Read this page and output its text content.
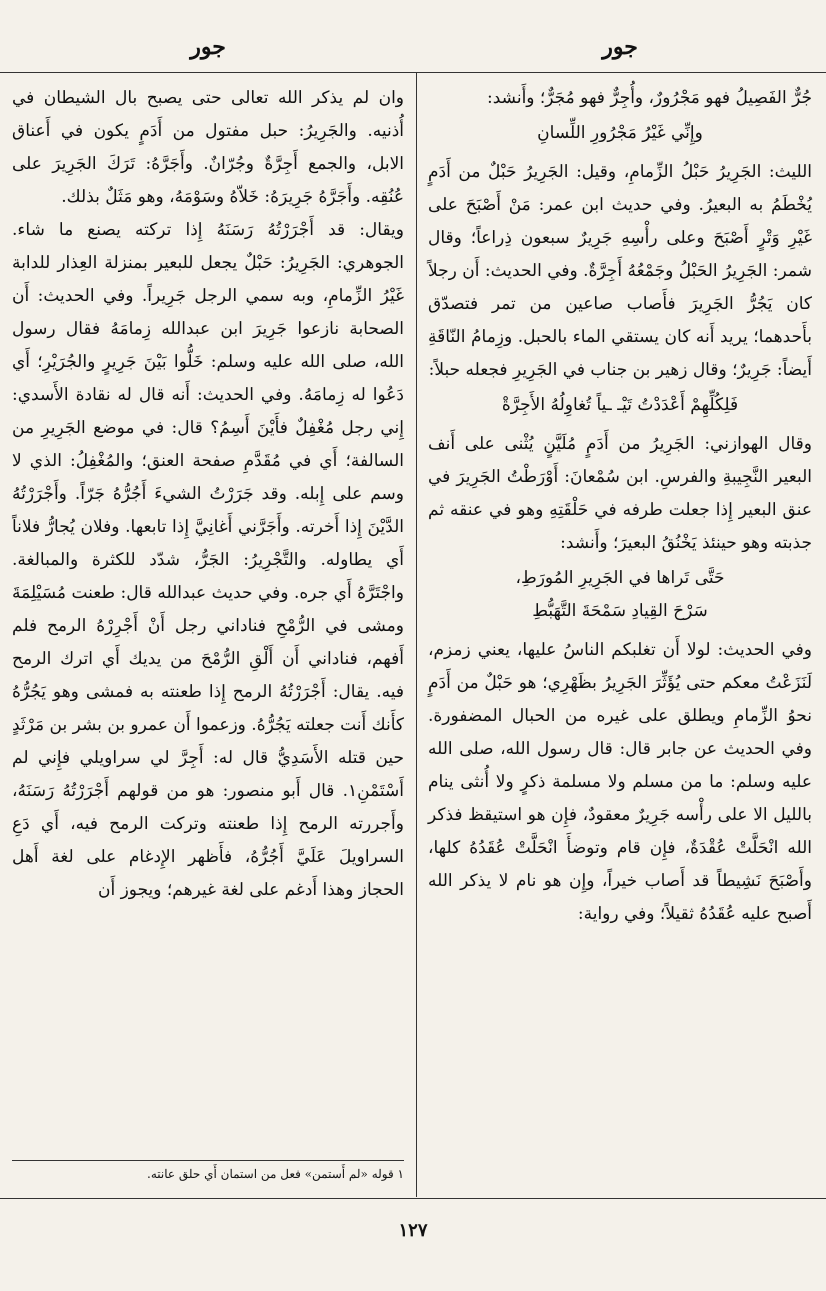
جور	جور

جُرٌّ الفَصِيلُ فهو مَجْرُورٌ، وأُجِرٌّ فهو مُجَرٌّ؛ وأَنشد:

وإِنِّي غَيْرُ مَجْرُورِ اللِّسانِ

الليث: الجَرِيرُ حَبْلُ الزِّمامِ، وقيل: الجَرِيرُ حَبْلٌ من أَدَمٍ يُخْطَمُ به البعيرُ. وفي حديث ابن عمر: مَنْ أَصْبَحَ على غَيْرِ وَتْرٍ أَصْبَحَ وعلى رأْسِهِ جَرِيرٌ سبعون ذِراعاً؛ وقال شمر: الجَرِيرُ الحَبْلُ وجَمْعُهُ أَجِرَّةٌ. وفي الحديث: أَن رجلاً كان يَجُرُّ الجَرِيرَ فأَصاب صاعين من تمر فتصدّق بأَحدهما؛ يريد أَنه كان يستقي الماء بالحبل. وزِمامُ النّاقَةِ أَيضاً: جَرِيرٌ؛ وقال زهير بن جناب في الجَرِيرِ فجعله حبلاً:

فَلِكُلِّهِمْ أَعْدَدْتُ تَيْـ ـياً تُغاوِلُهُ الأَجِرَّةْ

وقال الهوازني: الجَرِيرُ من أَدَمٍ مُلَيَّنٍ يُثْنى على أَنف البعير النَّجِيبةِ والفرسِ. ابن سُمْعانَ: أَوْرَطْتُ الجَرِيرَ في عنق البعير إِذا جعلت طرفه في حَلْقَتِهِ وهو في عنقه ثم جذبته وهو حينئذ يَخْنُقُ البعيرَ؛ وأَنشد:

حَتَّى تَراها في الجَرِيرِ المُورَطِ،
سَرْحَ القِيادِ سَمْحَةَ التَّهَبُّطِ

وفي الحديث: لولا أَن تغلبكم الناسُ عليها، يعني زمزم، لَنَزَعْتُ معكم حتى يُؤَثِّرَ الجَرِيرُ بظَهْرِي؛ هو حَبْلٌ من أَدَمٍ نحوُ الزِّمامِ ويطلق على غيره من الحبال المضفورة. وفي الحديث عن جابر قال: قال رسول الله، صلى الله عليه وسلم: ما من مسلم ولا مسلمة ذكرٍ ولا أُنثى ينام بالليل الا على رأْسه جَرِيرٌ معقودٌ، فإِن هو استيقظ فذكر الله انْحَلَّتْ عُقْدَةٌ، فإِن قام وتوضأَ انْحَلَّتْ عُقَدُهُ كلها، وأَصْبَحَ نَشِيطاً قد أَصاب خيراً، وإِن هو نام لا يذكر الله أَصبح عليه عُقَدُهُ ثقيلاً؛ وفي رواية:

وان لم يذكر الله تعالى حتى يصبح بال الشيطان في أُذنيه. والجَرِيرُ: حبل مفتول من أَدَمٍ يكون في أَعناق الابل، والجمع أَجِرَّةٌ وجُرّانٌ. وأَجَرَّهُ: تَرَكَ الجَرِيرَ على عُنُقِه. وأَجَرَّهُ جَرِيرَهُ: خَلاّهُ وسَوْمَهُ، وهو مَثَلٌ بذلك.

ويقال: قد أَجْرَرْتُهُ رَسَنَهُ إِذا تركته يصنع ما شاء. الجوهري: الجَرِيرُ: حَبْلٌ يجعل للبعير بمنزلة العِذار للدابة غَيْرُ الزِّمامِ، وبه سمي الرجل جَرِيراً. وفي الحديث: أَن الصحابة نازعوا جَرِيرَ ابن عبدالله زِمامَهُ فقال رسول الله، صلى الله عليه وسلم: خَلُّوا بَيْنَ جَرِيرٍ والجُرَيْرِ؛ أَي دَعُوا له زِمامَهُ. وفي الحديث: أَنه قال له نقادة الأَسدي: إِني رجل مُغْفِلٌ فأَيْنَ أَسِمُ؟ قال: في موضع الجَرِيرِ من السالفة؛ أَي في مُقَدَّمِ صفحة العنق؛ والمُغْفِلُ: الذي لا وسم على إِبله. وقد جَرَرْتُ الشيءَ أَجُرُّهُ جَرّاً. وأَجْرَرْتُهُ الدَّيْنَ إِذا أَخرته. وأَجَرَّني أَغانِيَّ إِذا تابعها. وفلان يُجارُّ فلاناً أَي يطاوله. والتَّجْرِيرُ: الجَرُّ، شدّد للكثرة والمبالغة. واجْتَرَّهُ أَي جره. وفي حديث عبدالله قال: طعنت مُسَيْلِمَةَ ومشى في الرُّمْحِ فناداني رجل أَنْ أَجْرِرْهُ الرمح فلم أَفهم، فناداني أَن أَلْقِ الرُّمْحَ من يديك أَي اترك الرمح فيه. يقال: أَجْرَرْتُهُ الرمح إِذا طعنته به فمشى وهو يَجُرُّهُ كأَنك أَنت جعلته يَجُرُّهُ. وزعموا أَن عمرو بن بشر بن مَرْثَدٍ حين قتله الأَسَدِيُّ قال له: أَجِرَّ لي سراويلي فإِني لم أَسْتَمْنِ١. قال أَبو منصور: هو من قولهم أَجْرَرْتُهُ رَسَنَهُ، وأَجررته الرمح إِذا طعنته وتركت الرمح فيه، أَي دَعِ السراويلَ عَلَيَّ أَجُرُّهُ، فأَظهر الإِدغام على لغة أَهل الحجاز وهذا أَدغم على لغة غيرهم؛ ويجوز أَن

١ قوله «لم أَستمن» فعل من استمان أَي حلق عانته.
١٢٧
